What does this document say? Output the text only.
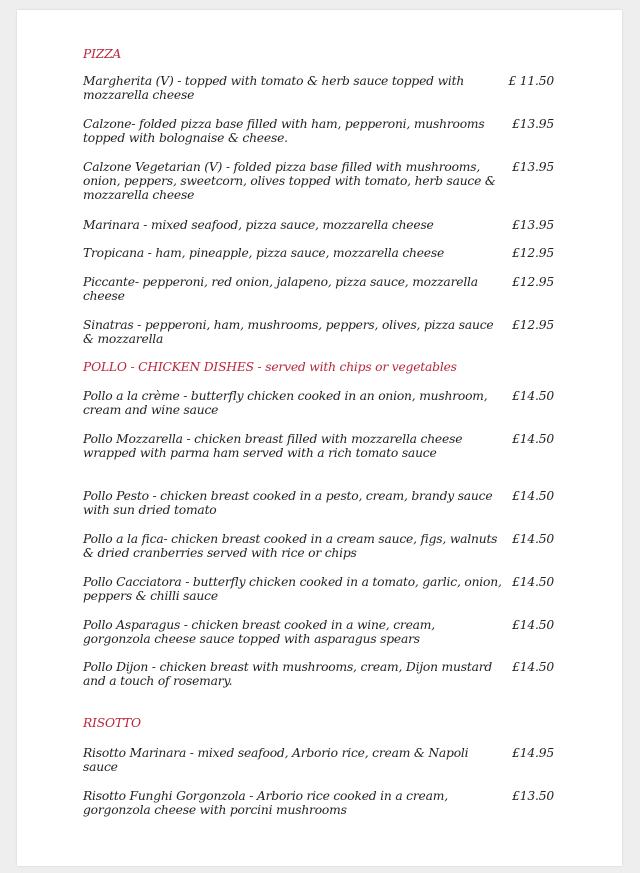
PIZZA
Margherita (V) - topped with tomato & herb sauce topped with mozzarella cheese
£ 11.50
Calzone- folded pizza base filled with ham, pepperoni, mushrooms topped with bolognaise & cheese.
£13.95
Calzone Vegetarian (V) - folded pizza base filled with mushrooms, onion, peppers, sweetcorn, olives topped with tomato, herb sauce & mozzarella cheese
£13.95
Marinara - mixed seafood, pizza sauce, mozzarella cheese	£13.95
Tropicana - ham, pineapple, pizza sauce, mozzarella cheese	£12.95
Piccante- pepperoni, red onion, jalapeno, pizza sauce, mozzarella cheese
£12.95
Sinatras - pepperoni, ham, mushrooms, peppers, olives, pizza sauce & mozzarella
£12.95
POLLO - CHICKEN DISHES - served with chips or vegetables
Pollo a la crème - butterfly chicken cooked in an onion, mushroom, cream and wine sauce
£14.50
Pollo Mozzarella - chicken breast filled with mozzarella cheese wrapped with parma ham served with a rich tomato sauce
£14.50
Pollo Pesto - chicken breast cooked in a pesto, cream, brandy sauce with sun dried tomato
£14.50
Pollo a la fica- chicken breast cooked in a cream sauce, figs, walnuts & dried cranberries served with rice or chips
£14.50
Pollo Cacciatora - butterfly chicken cooked in a tomato, garlic, onion, peppers & chilli sauce
£14.50
Pollo Asparagus - chicken breast cooked in a wine, cream, gorgonzola cheese sauce topped with asparagus spears
£14.50
Pollo Dijon - chicken breast with mushrooms, cream, Dijon mustard and a touch of rosemary.
£14.50
RISOTTO
Risotto Marinara - mixed seafood, Arborio rice, cream & Napoli sauce
£14.95
Risotto Funghi Gorgonzola - Arborio rice cooked in a cream, gorgonzola cheese with porcini mushrooms
£13.50
